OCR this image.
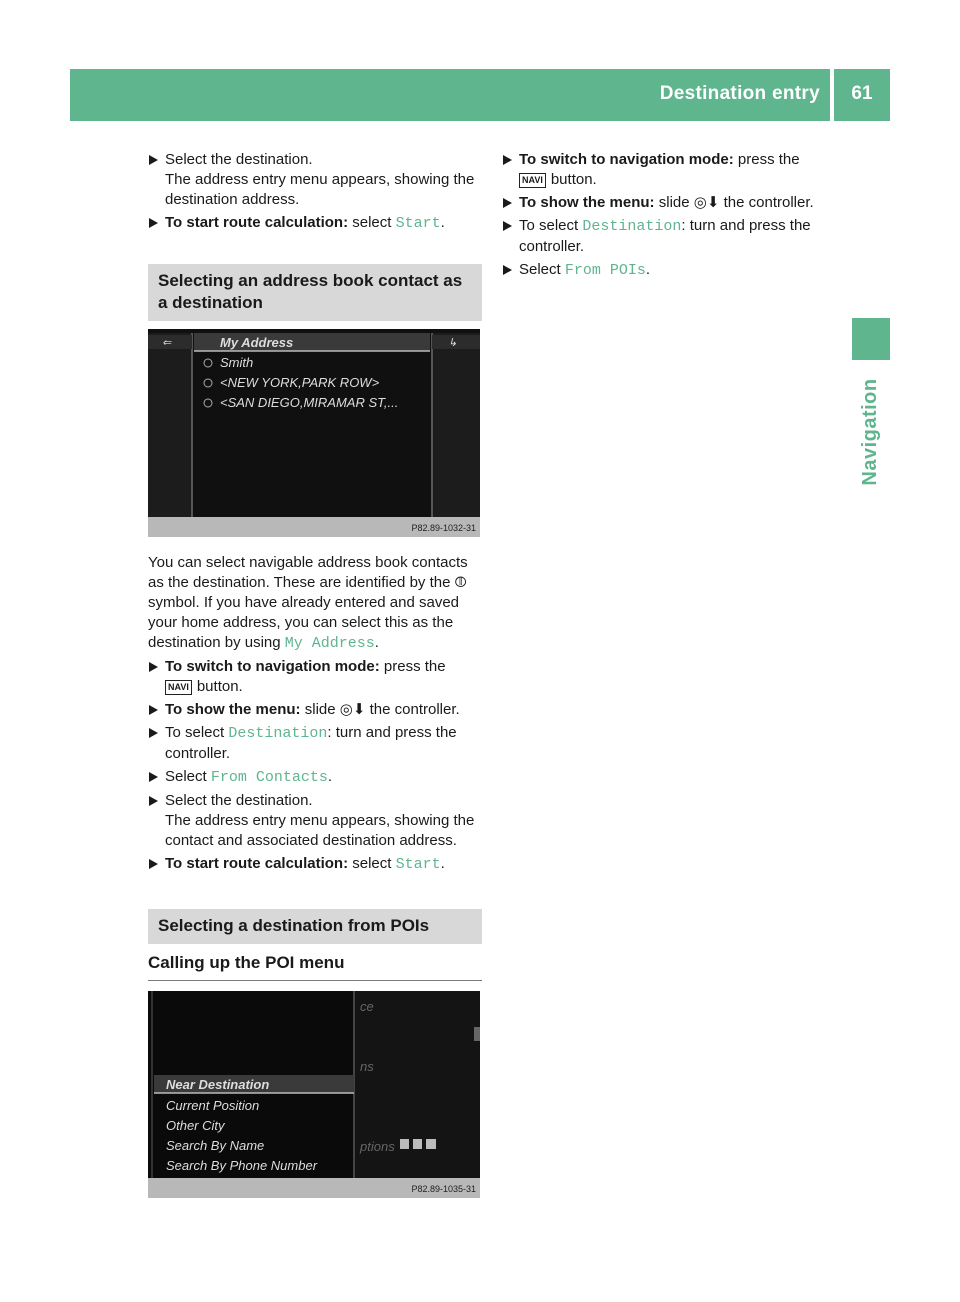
Destination entry	61
Navigation
Select the destination.
The address entry menu appears, showing the destination address.
To start route calculation: select Start.
Selecting an address book contact as a destination
⇐	↳
My Address
Smith
<NEW YORK,PARK ROW>
<SAN DIEGO,MIRAMAR ST,...
P82.89-1032-31

You can select navigable address book contacts as the destination. These are identified by the ⦷ symbol. If you have already entered and saved your home address, you can select this as the destination by using My Address.

To switch to navigation mode: press the
NAVI button.
To show the menu: slide ◎⬇ the controller.
To select Destination: turn and press the controller.
Select From Contacts.
Select the destination.
The address entry menu appears, showing the contact and associated destination address.
To start route calculation: select Start.
Selecting a destination from POIs
Calling up the POI menu
Near Destination
Current Position
Other City
Search By Name
Search By Phone Number
ce
ns
ptions
P82.89-1035-31
To switch to navigation mode: press the
NAVI button.
To show the menu: slide ◎⬇ the controller.
To select Destination: turn and press the controller.
Select From POIs.
